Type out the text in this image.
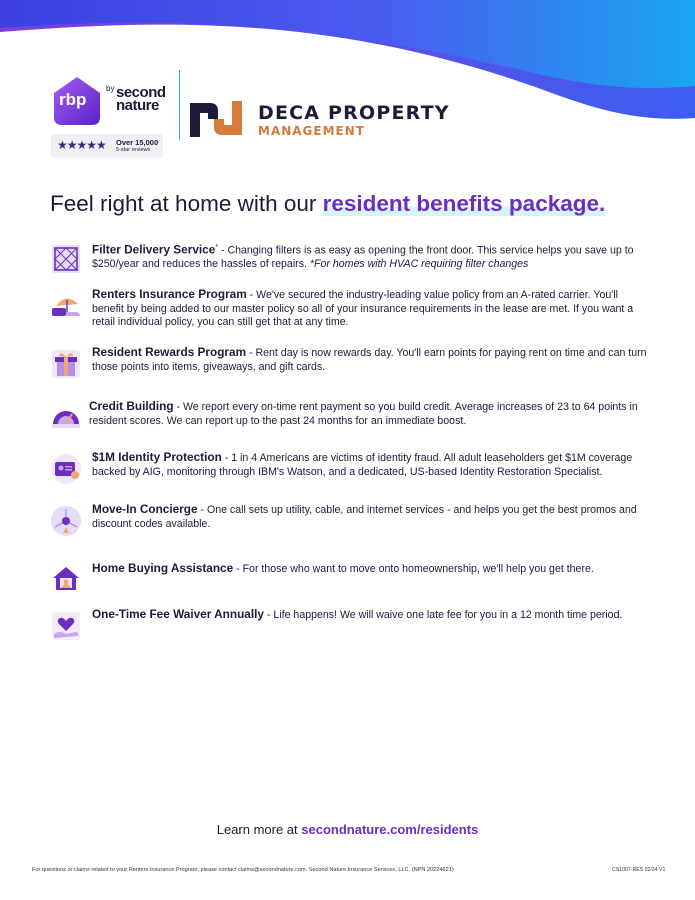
DRIVE
rbp
by second
nature
★★★★★ Over 15,000
5-star reviews
DECA PROPERTY
MANAGEMENT
Feel right at home with our resident benefits package.
Filter Delivery Service* - Changing filters is as easy as opening the front door. This service helps you save up to $250/year and reduces the hassles of repairs. *For homes with HVAC requiring filter changes
Renters Insurance Program - We've secured the industry-leading value policy from an A-rated carrier. You'll benefit by being added to our master policy so all of your insurance requirements in the lease are met. If you want a retail individual policy, you can still get that at any time.
Resident Rewards Program - Rent day is now rewards day. You'll earn points for paying rent on time and can turn those points into items, giveaways, and gift cards.
Credit Building - We report every on-time rent payment so you build credit. Average increases of 23 to 64 points in resident scores. We can report up to the past 24 months for an immediate boost.
$1M Identity Protection - 1 in 4 Americans are victims of identity fraud. All adult leaseholders get $1M coverage backed by AIG, monitoring through IBM's Watson, and a dedicated, US-based Identity Restoration Specialist.
Move-In Concierge - One call sets up utility, cable, and internet services - and helps you get the best promos and discount codes available.
Home Buying Assistance - For those who want to move onto homeownership, we'll help you get there.
One-Time Fee Waiver Annually - Life happens! We will waive one late fee for you in a 12 month time period.
Learn more at secondnature.com/residents
For questions or claims related to your Renters Insurance Program, please contact claims@secondnature.com. Second Nature Insurance Services, LLC. (NPN 20224621)	CS1007-RES 02/24 V1
